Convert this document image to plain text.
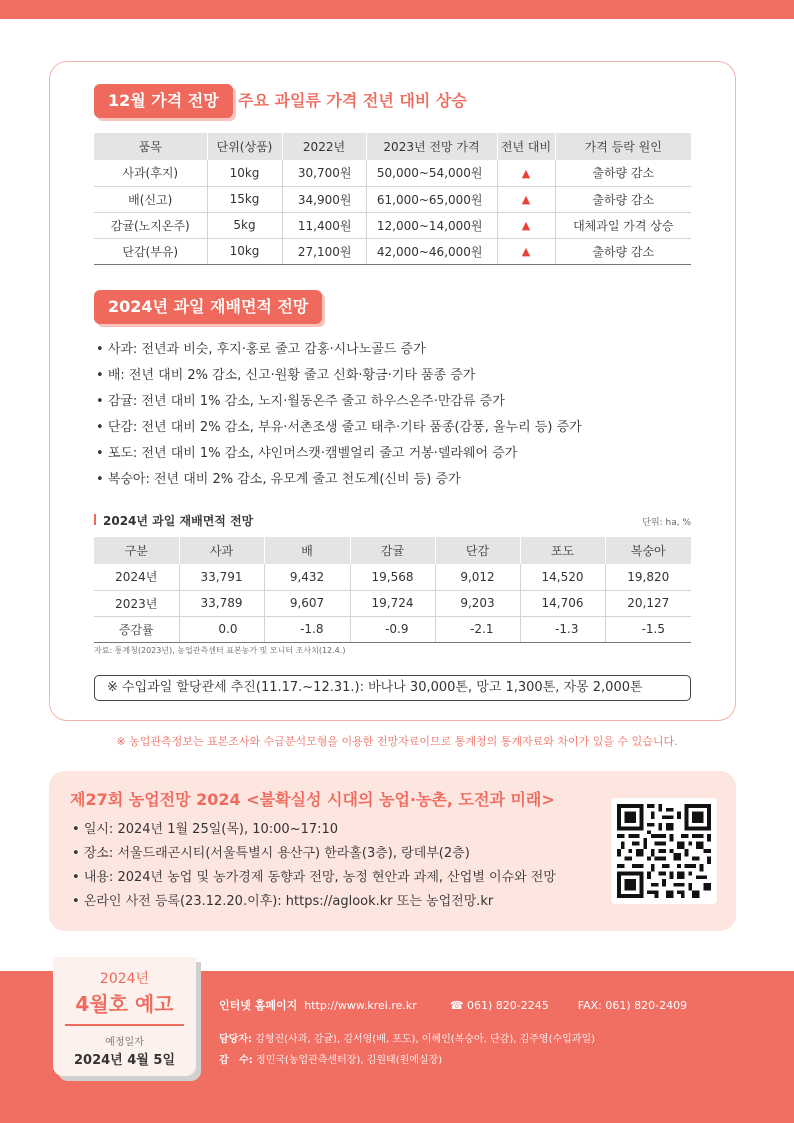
12월 가격 전망	주요 과일류 가격 전년 대비 상승
품목	단위(상품)	2022년	2023년 전망 가격	전년 대비	가격 등락 원인
사과(후지)	10kg	30,700원	50,000~54,000원	▲	출하량 감소
배(신고)	15kg	34,900원	61,000~65,000원	▲	출하량 감소
감귤(노지온주)	5kg	11,400원	12,000~14,000원	▲	대체과일 가격 상승
단감(부유)	10kg	27,100원	42,000~46,000원	▲	출하량 감소
2024년 과일 재배면적 전망
• 사과: 전년과 비슷, 후지·홍로 줄고 감홍·시나노골드 증가
• 배: 전년 대비 2% 감소, 신고·원황 줄고 신화·황금·기타 품종 증가
• 감귤: 전년 대비 1% 감소, 노지·월동온주 줄고 하우스온주·만감류 증가
• 단감: 전년 대비 2% 감소, 부유·서촌조생 줄고 태추·기타 품종(감풍, 올누리 등) 증가
• 포도: 전년 대비 1% 감소, 샤인머스캣·캠벨얼리 줄고 거봉·델라웨어 증가
• 복숭아: 전년 대비 2% 감소, 유모계 줄고 천도계(신비 등) 증가
2024년 과일 재배면적 전망	단위: ha, %
구분	사과	배	감귤	단감	포도	복숭아
2024년	33,791	9,432	19,568	9,012	14,520	19,820
2023년	33,789	9,607	19,724	9,203	14,706	20,127
증감률	0.0	-1.8	-0.9	-2.1	-1.3	-1.5
자료: 통계청(2023년), 농업관측센터 표본농가 및 모니터 조사치(12.4.)
※ 수입과일 할당관세 추진(11.17.~12.31.): 바나나 30,000톤, 망고 1,300톤, 자몽 2,000톤
※ 농업관측정보는 표본조사와 수급분석모형을 이용한 전망자료이므로 통계청의 통계자료와 차이가 있을 수 있습니다.
제27회 농업전망 2024 <불확실성 시대의 농업·농촌, 도전과 미래>
• 일시: 2024년 1월 25일(목), 10:00~17:10
• 장소: 서울드래곤시티(서울특별시 용산구) 한라홀(3층), 랑데부(2층)
• 내용: 2024년 농업 및 농가경제 동향과 전망, 농정 현안과 과제, 산업별 이슈와 전망
• 온라인 사전 등록(23.12.20.이후): https://aglook.kr 또는 농업전망.kr
2024년
4월호 예고
예정일자
2024년 4월 5일
인터넷 홈페이지 http://www.krei.re.kr	☎ 061) 820-2245	FAX: 061) 820-2409
담당자: 김형진(사과, 감귤), 김서영(배, 포도), 이혜인(복숭아, 단감), 김주영(수입과일)
감   수: 정민국(농업관측센터장), 김원태(원예실장)
